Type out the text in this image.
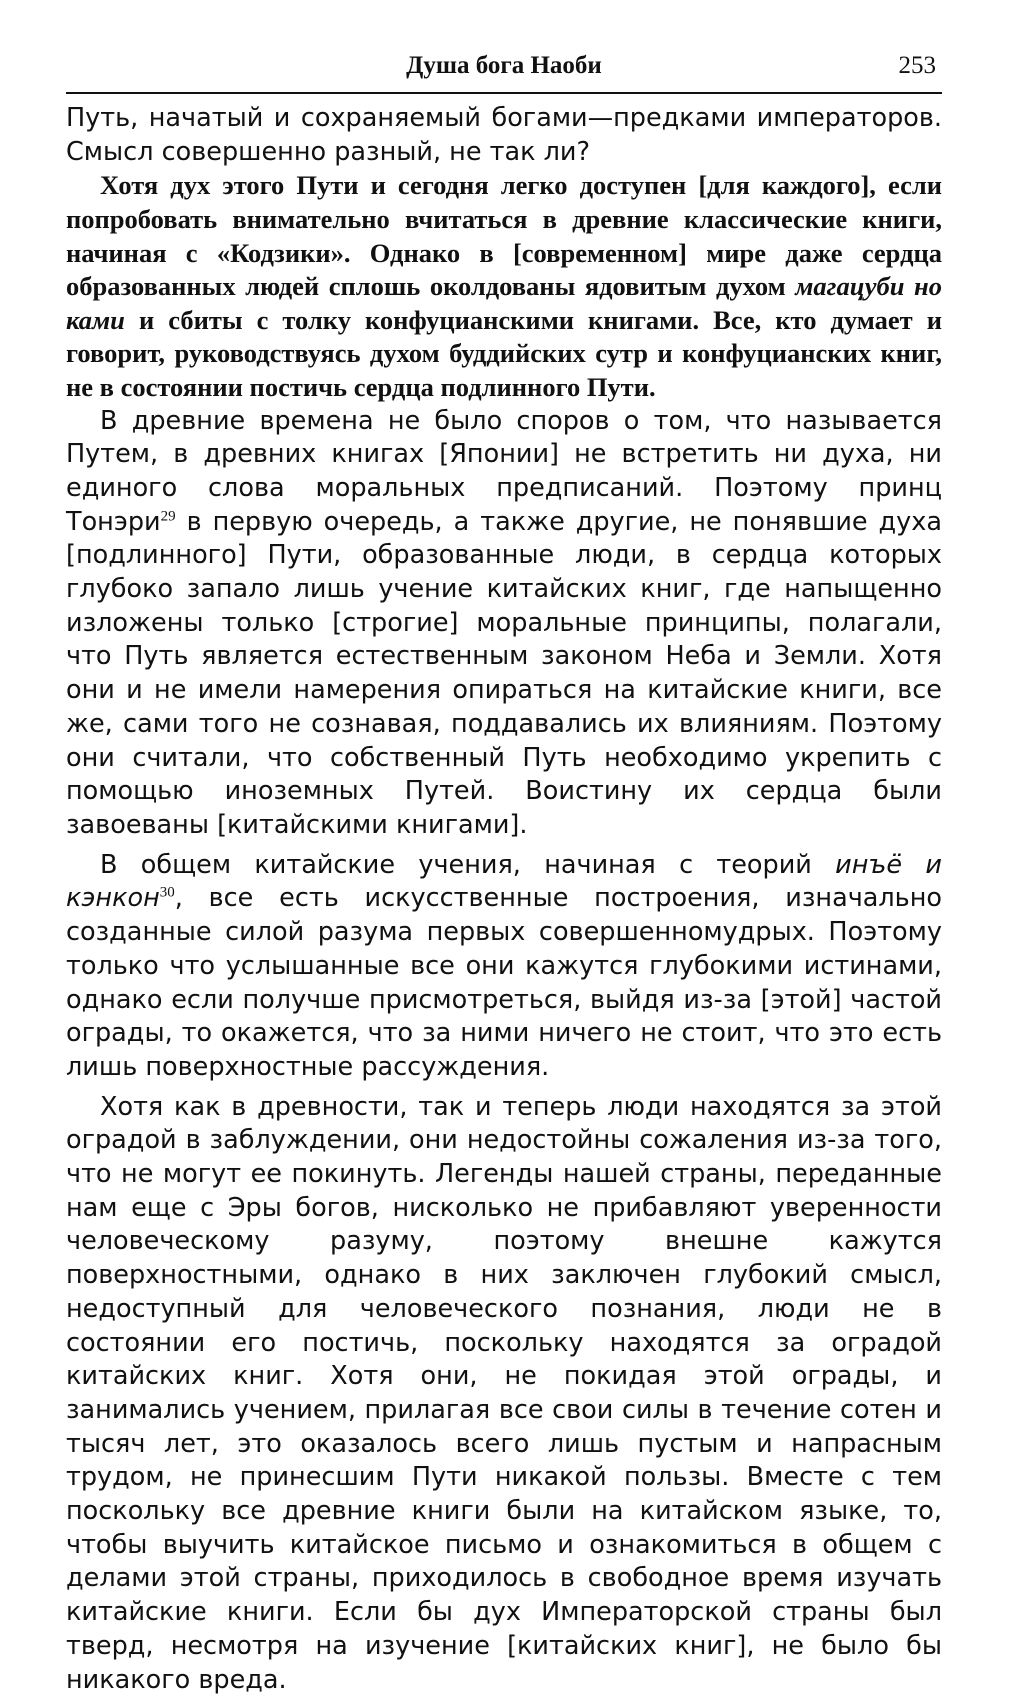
Душа бога Наоби	253

Путь, начатый и сохраняемый богами—предками императоров. Смысл совершенно разный, не так ли?

Хотя дух этого Пути и сегодня легко доступен [для каждого], если попробовать внимательно вчитаться в древние классические книги, начиная с «Кодзики». Однако в [современном] мире даже сердца образованных людей сплошь околдованы ядовитым духом магацуби но ками и сбиты с толку конфуцианскими книгами. Все, кто думает и говорит, руководствуясь духом буддийских сутр и конфуцианских книг, не в состоянии постичь сердца подлинного Пути.

В древние времена не было споров о том, что называется Путем, в древних книгах [Японии] не встретить ни духа, ни единого слова моральных предписаний. Поэтому принц Тонэри$^{29}$ в первую очередь, а также другие, не понявшие духа [подлинного] Пути, образованные люди, в сердца которых глубоко запало лишь учение китайских книг, где напыщенно изложены только [строгие] моральные принципы, полагали, что Путь является естественным законом Неба и Земли. Хотя они и не имели намерения опираться на китайские книги, все же, сами того не сознавая, поддавались их влияниям. Поэтому они считали, что собственный Путь необходимо укрепить с помощью иноземных Путей. Воистину их сердца были завоеваны [китайскими книгами].

В общем китайские учения, начиная с теорий инъё и кэнкон$^{30}$, все есть искусственные построения, изначально созданные силой разума первых совершенномудрых. Поэтому только что услышанные все они кажутся глубокими истинами, однако если получше присмотреться, выйдя из-за [этой] частой ограды, то окажется, что за ними ничего не стоит, что это есть лишь поверхностные рассуждения.

Хотя как в древности, так и теперь люди находятся за этой оградой в заблуждении, они недостойны сожаления из-за того, что не могут ее покинуть. Легенды нашей страны, переданные нам еще с Эры богов, нисколько не прибавляют уверенности человеческому разуму, поэтому внешне кажутся поверхностными, однако в них заключен глубокий смысл, недоступный для человеческого познания, люди не в состоянии его постичь, поскольку находятся за оградой китайских книг. Хотя они, не покидая этой ограды, и занимались учением, прилагая все свои силы в течение сотен и тысяч лет, это оказалось всего лишь пустым и напрасным трудом, не принесшим Пути никакой пользы. Вместе с тем поскольку все древние книги были на китайском языке, то, чтобы выучить китайское письмо и ознакомиться в общем с делами этой страны, приходилось в свободное время изучать китайские книги. Если бы дух Императорской страны был тверд, несмотря на изучение [китайских книг], не было бы никакого вреда.
